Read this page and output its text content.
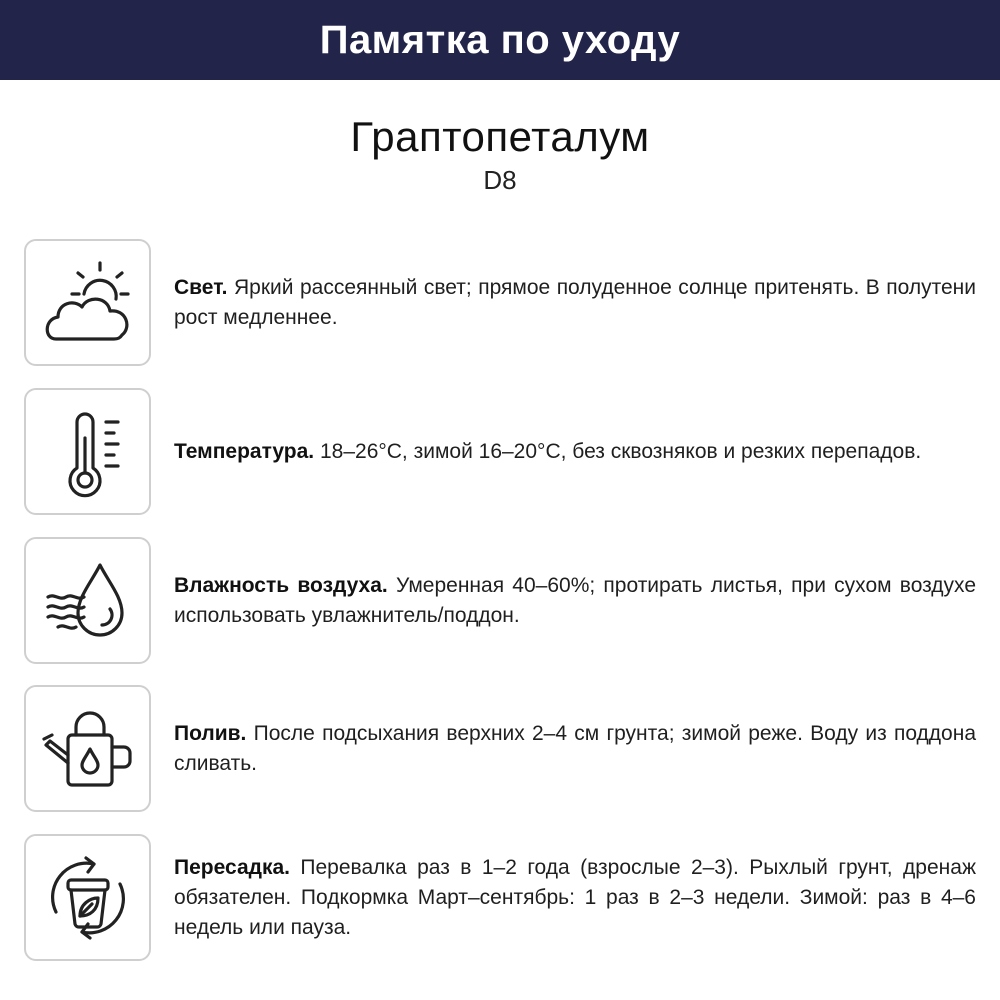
Памятка по уходу
Граптопеталум
D8

Свет. Яркий рассеянный свет; прямое полуденное солнце притенять. В полутени рост медленнее.

Температура. 18–26°С, зимой 16–20°С, без сквозняков и резких перепадов.

Влажность воздуха. Умеренная 40–60%; протирать листья, при сухом воздухе использовать увлажнитель/поддон.

Полив. После подсыхания верхних 2–4 см грунта; зимой реже. Воду из поддона сливать.

Пересадка. Перевалка раз в 1–2 года (взрослые 2–3). Рыхлый грунт, дренаж обязателен. Подкормка Март–сентябрь: 1 раз в 2–3 недели. Зимой: раз в 4–6 недель или пауза.
